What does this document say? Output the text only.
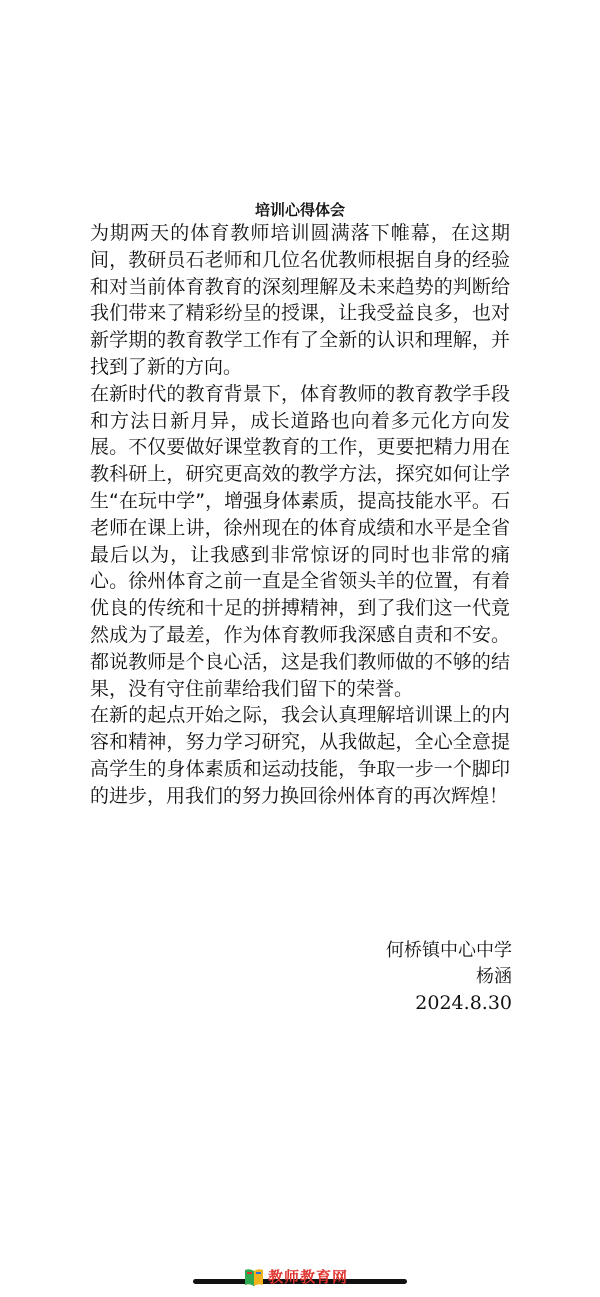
培训心得体会

为期两天的体育教师培训圆满落下帷幕，在这期间，教研员石老师和几位名优教师根据自身的经验和对当前体育教育的深刻理解及未来趋势的判断给我们带来了精彩纷呈的授课，让我受益良多，也对新学期的教育教学工作有了全新的认识和理解，并找到了新的方向。

在新时代的教育背景下，体育教师的教育教学手段和方法日新月异，成长道路也向着多元化方向发展。不仅要做好课堂教育的工作，更要把精力用在教科研上，研究更高效的教学方法，探究如何让学生“在玩中学”，增强身体素质，提高技能水平。石老师在课上讲，徐州现在的体育成绩和水平是全省最后以为，让我感到非常惊讶的同时也非常的痛心。徐州体育之前一直是全省领头羊的位置，有着优良的传统和十足的拼搏精神，到了我们这一代竟然成为了最差，作为体育教师我深感自责和不安。都说教师是个良心活，这是我们教师做的不够的结果，没有守住前辈给我们留下的荣誉。

在新的起点开始之际，我会认真理解培训课上的内容和精神，努力学习研究，从我做起，全心全意提高学生的身体素质和运动技能，争取一步一个脚印的进步，用我们的努力换回徐州体育的再次辉煌！

何桥镇中心中学
杨涵
2024.8.30
教师教育网
